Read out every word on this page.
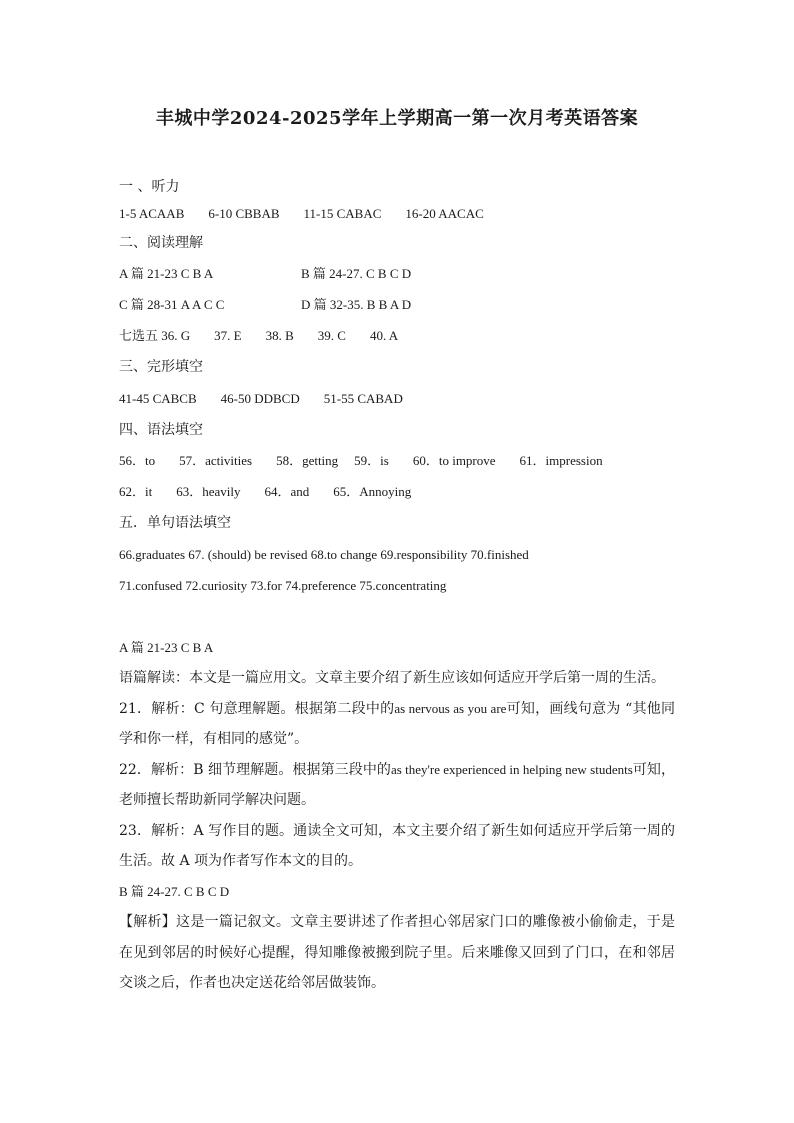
丰城中学2024-2025学年上学期高一第一次月考英语答案
一 、听力
1-5 ACAAB 6-10 CBBAB 11-15 CABAC 16-20 AACAC
二、阅读理解
A 篇 21-23 C B A	B 篇 24-27. C B C D
C 篇 28-31 A A C C	D 篇 32-35. B B A D
七选五 36. G 37. E 38. B 39. C 40. A
三、完形填空
41-45 CABCB 46-50 DDBCD 51-55 CABAD
四、语法填空
56．to 57．activities 58．getting 59．is 60．to improve 61．impression
62．it 63．heavily 64．and 65．Annoying
五．单句语法填空
66.graduates 67. (should) be revised 68.to change 69.responsibility 70.finished
71.confused 72.curiosity 73.for 74.preference 75.concentrating
A 篇 21-23 C B A
语篇解读：本文是一篇应用文。文章主要介绍了新生应该如何适应开学后第一周的生活。
21．解析：C 句意理解题。根据第二段中的as nervous as you are可知，画线句意为 “其他同学和你一样，有相同的感觉”。
22．解析：B 细节理解题。根据第三段中的as they're experienced in helping new students可知，老师擅长帮助新同学解决问题。
23．解析：A 写作目的题。通读全文可知，本文主要介绍了新生如何适应开学后第一周的生活。故 A 项为作者写作本文的目的。
B 篇 24-27. C B C D
【解析】这是一篇记叙文。文章主要讲述了作者担心邻居家门口的雕像被小偷偷走，于是在见到邻居的时候好心提醒，得知雕像被搬到院子里。后来雕像又回到了门口，在和邻居交谈之后，作者也决定送花给邻居做装饰。
